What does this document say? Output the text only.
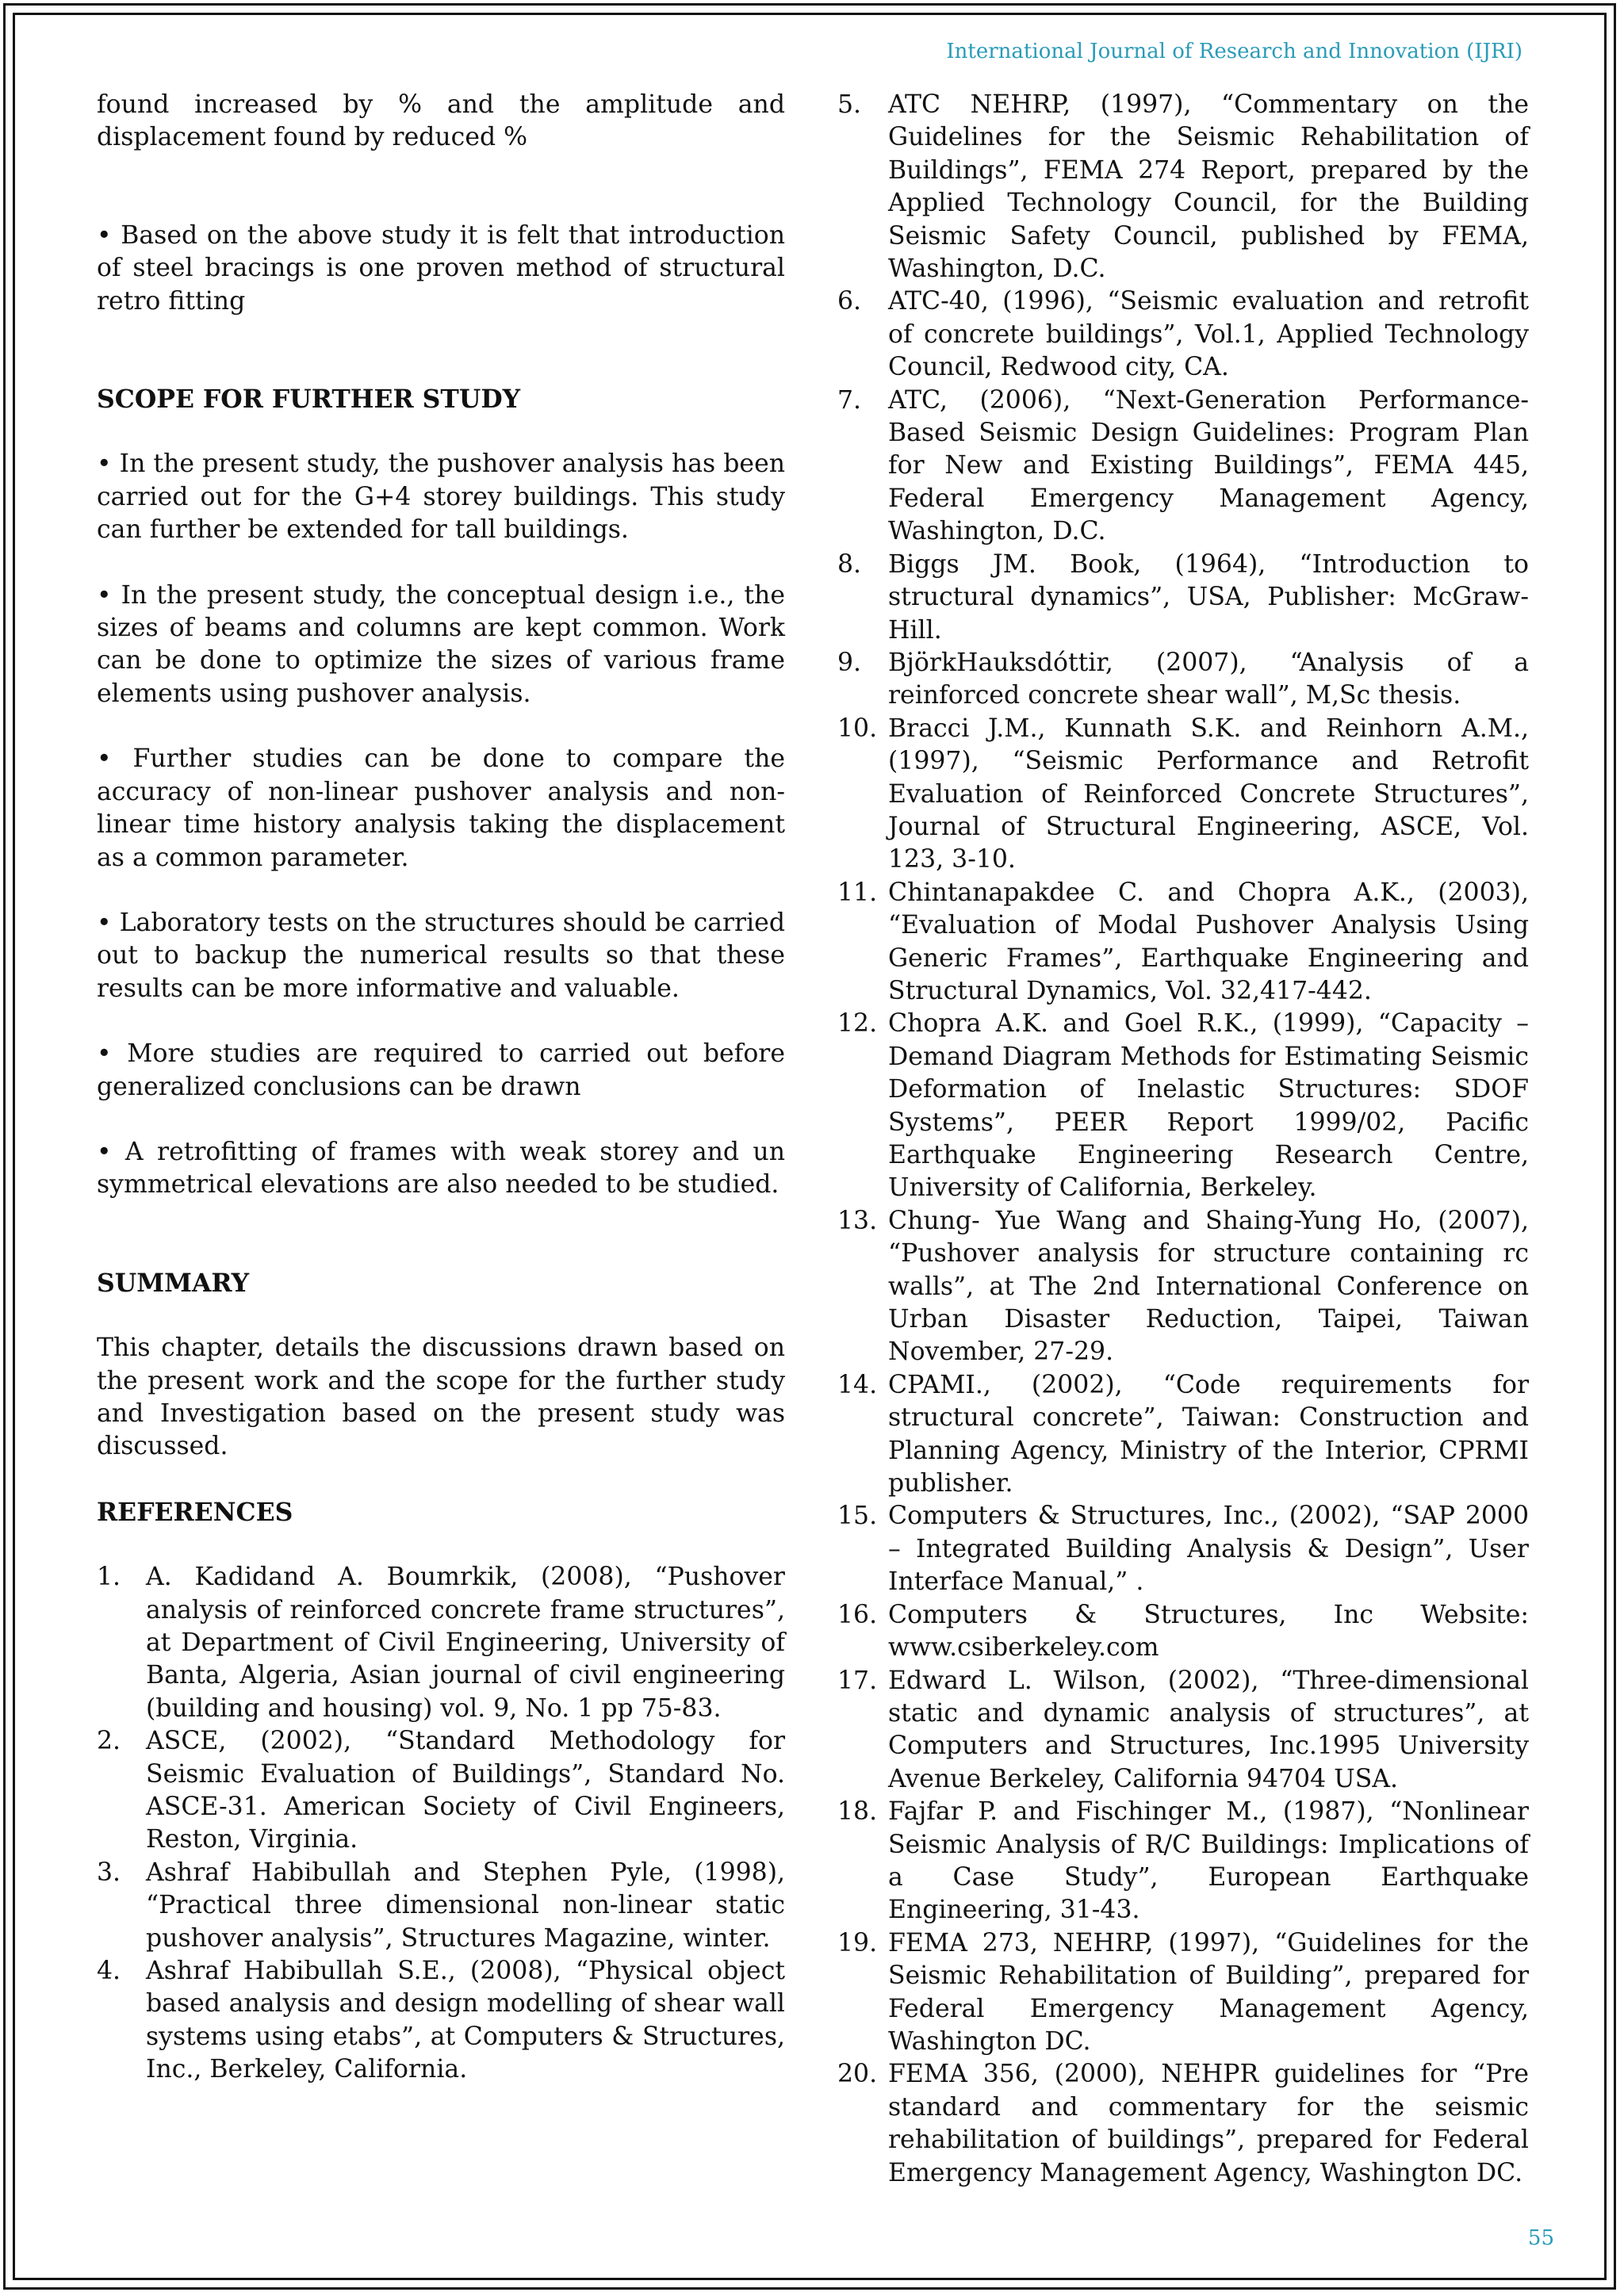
International Journal of Research and Innovation (IJRI)

found increased by % and the amplitude and displacement found by reduced %

• Based on the above study it is felt that introduction of steel bracings is one proven method of structural retro fitting

SCOPE FOR FURTHER STUDY

• In the present study, the pushover analysis has been carried out for the G+4 storey buildings. This study can further be extended for tall buildings.

• In the present study, the conceptual design i.e., the sizes of beams and columns are kept common. Work can be done to optimize the sizes of various frame elements using pushover analysis.

• Further studies can be done to compare the accuracy of non-linear pushover analysis and non-linear time history analysis taking the displacement as a common parameter.

• Laboratory tests on the structures should be carried out to backup the numerical results so that these results can be more informative and valuable.

• More studies are required to carried out before generalized conclusions can be drawn

• A retrofitting of frames with weak storey and un symmetrical elevations are also needed to be studied.

SUMMARY

This chapter, details the discussions drawn based on the present work and the scope for the further study and Investigation based on the present study was discussed.

REFERENCES
1. A. Kadidand A. Boumrkik, (2008), “Pushover analysis of reinforced concrete frame structures”, at Department of Civil Engineering, University of Banta, Algeria, Asian journal of civil engineering (building and housing) vol. 9, No. 1 pp 75-83.
2. ASCE, (2002), “Standard Methodology for Seismic Evaluation of Buildings”, Standard No. ASCE-31. American Society of Civil Engineers, Reston, Virginia.
3. Ashraf Habibullah and Stephen Pyle, (1998), “Practical three dimensional non-linear static pushover analysis”, Structures Magazine, winter.
4. Ashraf Habibullah S.E., (2008), “Physical object based analysis and design modelling of shear wall systems using etabs”, at Computers & Structures, Inc., Berkeley, California.
5. ATC NEHRP, (1997), “Commentary on the Guidelines for the Seismic Rehabilitation of Buildings”, FEMA 274 Report, prepared by the Applied Technology Council, for the Building Seismic Safety Council, published by FEMA, Washington, D.C.
6. ATC-40, (1996), “Seismic evaluation and retrofit of concrete buildings”, Vol.1, Applied Technology Council, Redwood city, CA.
7. ATC, (2006), “Next-Generation Performance-Based Seismic Design Guidelines: Program Plan for New and Existing Buildings”, FEMA 445, Federal Emergency Management Agency, Washington, D.C.
8. Biggs JM. Book, (1964), “Introduction to structural dynamics”, USA, Publisher: McGraw-Hill.
9. BjörkHauksdóttir, (2007), “Analysis of a reinforced concrete shear wall”, M,Sc thesis.
10. Bracci J.M., Kunnath S.K. and Reinhorn A.M., (1997), “Seismic Performance and Retrofit Evaluation of Reinforced Concrete Structures”, Journal of Structural Engineering, ASCE, Vol. 123, 3-10.
11. Chintanapakdee C. and Chopra A.K., (2003), “Evaluation of Modal Pushover Analysis Using Generic Frames”, Earthquake Engineering and Structural Dynamics, Vol. 32,417-442.
12. Chopra A.K. and Goel R.K., (1999), “Capacity – Demand Diagram Methods for Estimating Seismic Deformation of Inelastic Structures: SDOF Systems”, PEER Report 1999/02, Pacific Earthquake Engineering Research Centre, University of California, Berkeley.
13. Chung- Yue Wang and Shaing-Yung Ho, (2007), “Pushover analysis for structure containing rc walls”, at The 2nd International Conference on Urban Disaster Reduction, Taipei, Taiwan November, 27-29.
14. CPAMI., (2002), “Code requirements for structural concrete”, Taiwan: Construction and Planning Agency, Ministry of the Interior, CPRMI publisher.
15. Computers & Structures, Inc., (2002), “SAP 2000 – Integrated Building Analysis & Design”, User Interface Manual,” .
16. Computers & Structures, Inc Website: www.csiberkeley.com
17. Edward L. Wilson, (2002), “Three-dimensional static and dynamic analysis of structures”, at Computers and Structures, Inc.1995 University Avenue Berkeley, California 94704 USA.
18. Fajfar P. and Fischinger M., (1987), “Nonlinear Seismic Analysis of R/C Buildings: Implications of a Case Study”, European Earthquake Engineering, 31-43.
19. FEMA 273, NEHRP, (1997), “Guidelines for the Seismic Rehabilitation of Building”, prepared for Federal Emergency Management Agency, Washington DC.
20. FEMA 356, (2000), NEHPR guidelines for “Pre standard and commentary for the seismic rehabilitation of buildings”, prepared for Federal Emergency Management Agency, Washington DC.
55
